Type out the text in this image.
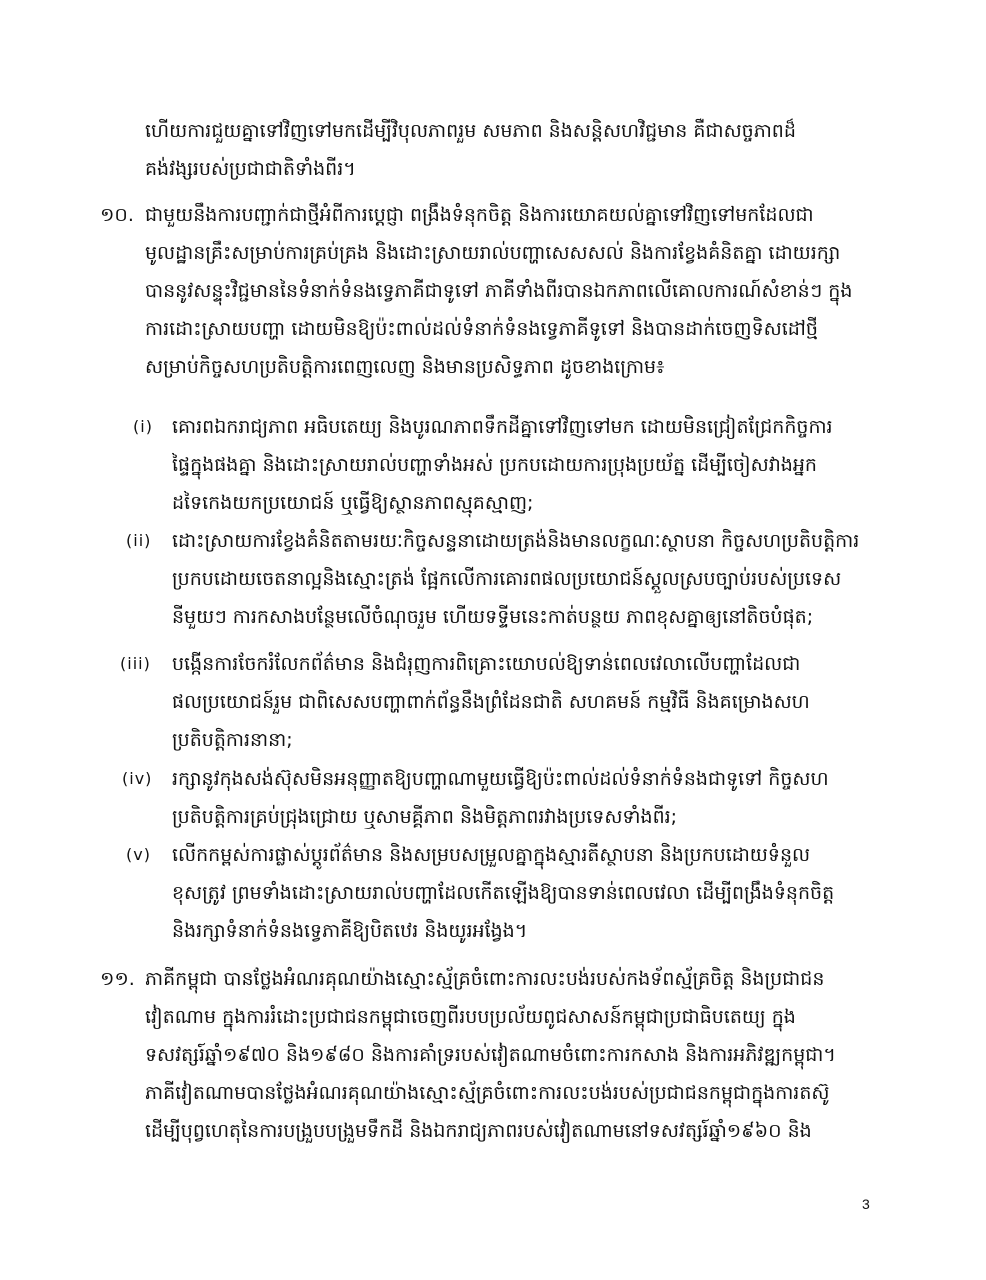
ហើយការជួយគ្នាទៅវិញទៅមកដើម្បីវិបុលភាពរួម សមភាព និងសន្តិសហវិជ្ជមាន គឺជាសច្ចភាពដ៏

គង់វង្សរបស់ប្រជាជាតិទាំងពីរ។

១០. ជាមួយនឹងការបញ្ជាក់ជាថ្មីអំពីការប្ដេជ្ញា ពង្រឹងទំនុកចិត្ត និងការយោគយល់គ្នាទៅវិញទៅមកដែលជា

មូលដ្ឋានគ្រឹះសម្រាប់ការគ្រប់គ្រង និងដោះស្រាយរាល់បញ្ហាសេសសល់ និងការខ្វែងគំនិតគ្នា ដោយរក្សា

បាននូវសន្ទុះវិជ្ជមាននៃទំនាក់ទំនងទ្វេភាគីជាទូទៅ ភាគីទាំងពីរបានឯកភាពលើគោលការណ៍សំខាន់ៗ ក្នុង

ការដោះស្រាយបញ្ហា ដោយមិនឱ្យប៉ះពាល់ដល់ទំនាក់ទំនងទ្វេភាគីទូទៅ និងបានដាក់ចេញទិសដៅថ្មី

សម្រាប់កិច្ចសហប្រតិបត្តិការពេញលេញ និងមានប្រសិទ្ធភាព ដូចខាងក្រោម៖

(i) គោរពឯករាជ្យភាព អធិបតេយ្យ និងបូរណភាពទឹកដីគ្នាទៅវិញទៅមក ដោយមិនជ្រៀតជ្រែកកិច្ចការ

ផ្ទៃក្នុងផងគ្នា និងដោះស្រាយរាល់បញ្ហាទាំងអស់ ប្រកបដោយការប្រុងប្រយ័ត្ន ដើម្បីចៀសវាងអ្នក

ដទៃកេងយកប្រយោជន៍ ឬធ្វើឱ្យស្ថានភាពស្មុគស្មាញ;

(ii) ដោះស្រាយការខ្វែងគំនិតតាមរយៈកិច្ចសន្ទនាដោយត្រង់និងមានលក្ខណៈស្ថាបនា កិច្ចសហប្រតិបត្តិការ

ប្រកបដោយចេតនាល្អនិងស្មោះត្រង់ ផ្អែកលើការគោរពផលប្រយោជន៍ស្ដួលស្របច្បាប់របស់ប្រទេស

នីមួយៗ ការកសាងបន្ថែមលើចំណុចរួម ហើយទទ្ទីមនេះកាត់បន្ថយ ភាពខុសគ្នាឲ្យនៅតិចបំផុត;

(iii) បង្កើនការចែករំលែកព័ត៌មាន និងជំរុញការពិគ្រោះយោបល់ឱ្យទាន់ពេលវេលាលើបញ្ហាដែលជា

ផលប្រយោជន៍រួម ជាពិសេសបញ្ហាពាក់ព័ន្ធនឹងព្រំដែនជាតិ សហគមន៍ កម្មវិធី និងគម្រោងសហ

ប្រតិបត្តិការនានា;

(iv) រក្សានូវកុងសង់ស៊ុសមិនអនុញ្ញាតឱ្យបញ្ហាណាមួយធ្វើឱ្យប៉ះពាល់ដល់ទំនាក់ទំនងជាទូទៅ កិច្ចសហ

ប្រតិបត្តិការគ្រប់ជ្រុងជ្រោយ ឬសាមគ្គីភាព និងមិត្តភាពរវាងប្រទេសទាំងពីរ;

(v) លើកកម្ពស់ការផ្លាស់ប្តូរព័ត៌មាន និងសម្របសម្រួលគ្នាក្នុងស្មារតីស្ថាបនា និងប្រកបដោយទំនួល

ខុសត្រូវ ព្រមទាំងដោះស្រាយរាល់បញ្ហាដែលកើតឡើងឱ្យបានទាន់ពេលវេលា ដើម្បីពង្រឹងទំនុកចិត្ត

និងរក្សាទំនាក់ទំនងទ្វេភាគីឱ្យបិតឋេរ និងយូរអង្វែង។

១១. ភាគីកម្ពុជា បានថ្លែងអំណរគុណយ៉ាងស្មោះស្ម័គ្រចំពោះការលះបង់របស់កងទ័ពស្ម័គ្រចិត្ត និងប្រជាជន

វៀតណាម ក្នុងការរំដោះប្រជាជនកម្ពុជាចេញពីរបបប្រល័យពូជសាសន៍កម្ពុជាប្រជាធិបតេយ្យ ក្នុង

ទសវត្សរ៍ឆ្នាំ១៩៧០ និង១៩៨០ និងការគាំទ្ររបស់វៀតណាមចំពោះការកសាង និងការអភិវឌ្ឍកម្ពុជា។

ភាគីវៀតណាមបានថ្លែងអំណរគុណយ៉ាងស្មោះស្ម័គ្រចំពោះការលះបង់របស់ប្រជាជនកម្ពុជាក្នុងការតស៊ូ

ដើម្បីបុព្វហេតុនៃការបង្រួបបង្រួមទឹកដី និងឯករាជ្យភាពរបស់វៀតណាមនៅទសវត្សរ៍ឆ្នាំ១៩៦០ និង

3
